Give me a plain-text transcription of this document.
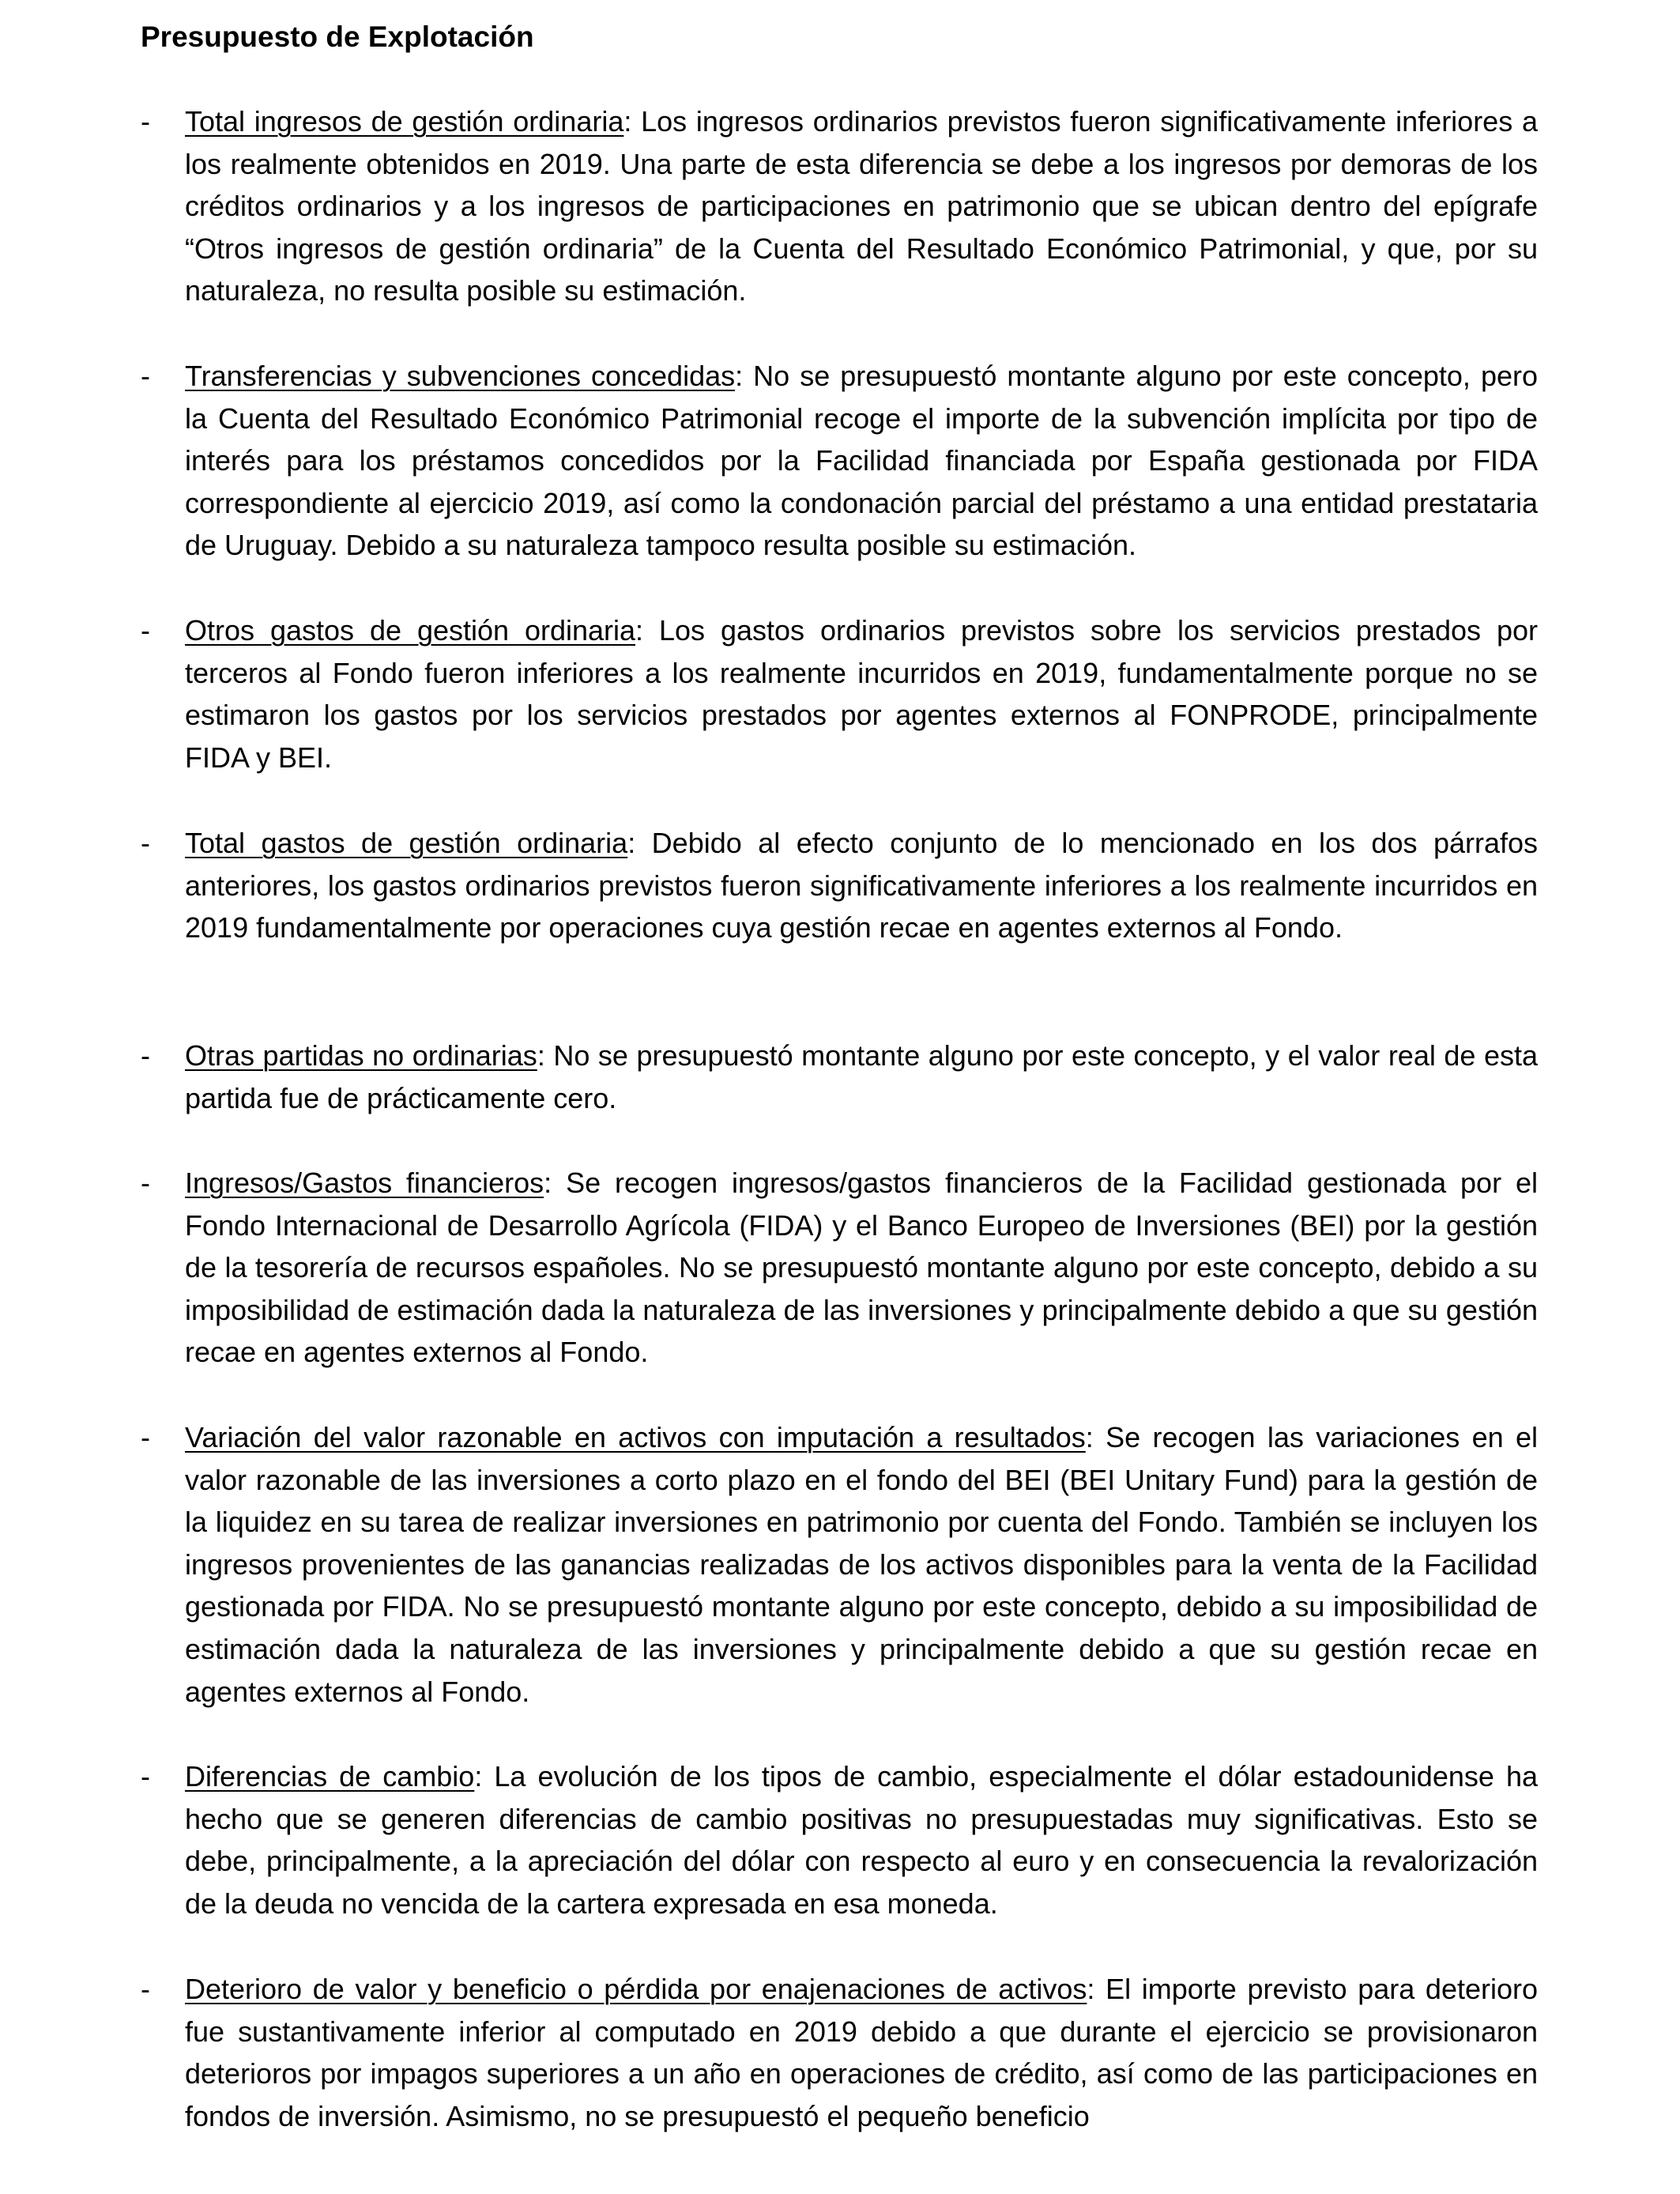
Presupuesto de Explotación
- Total ingresos de gestión ordinaria: Los ingresos ordinarios previstos fueron significativamente inferiores a los realmente obtenidos en 2019. Una parte de esta diferencia se debe a los ingresos por demoras de los créditos ordinarios y a los ingresos de participaciones en patrimonio que se ubican dentro del epígrafe “Otros ingresos de gestión ordinaria” de la Cuenta del Resultado Económico Patrimonial, y que, por su naturaleza, no resulta posible su estimación.
- Transferencias y subvenciones concedidas: No se presupuestó montante alguno por este concepto, pero la Cuenta del Resultado Económico Patrimonial recoge el importe de la subvención implícita por tipo de interés para los préstamos concedidos por la Facilidad financiada por España gestionada por FIDA correspondiente al ejercicio 2019, así como la condonación parcial del préstamo a una entidad prestataria de Uruguay. Debido a su naturaleza tampoco resulta posible su estimación.
- Otros gastos de gestión ordinaria: Los gastos ordinarios previstos sobre los servicios prestados por terceros al Fondo fueron inferiores a los realmente incurridos en 2019, fundamentalmente porque no se estimaron los gastos por los servicios prestados por agentes externos al FONPRODE, principalmente FIDA y BEI.
- Total gastos de gestión ordinaria: Debido al efecto conjunto de lo mencionado en los dos párrafos anteriores, los gastos ordinarios previstos fueron significativamente inferiores a los realmente incurridos en 2019 fundamentalmente por operaciones cuya gestión recae en agentes externos al Fondo.
- Otras partidas no ordinarias: No se presupuestó montante alguno por este concepto, y el valor real de esta partida fue de prácticamente cero.
- Ingresos/Gastos financieros: Se recogen ingresos/gastos financieros de la Facilidad gestionada por el Fondo Internacional de Desarrollo Agrícola (FIDA) y el Banco Europeo de Inversiones (BEI) por la gestión de la tesorería de recursos españoles. No se presupuestó montante alguno por este concepto, debido a su imposibilidad de estimación dada la naturaleza de las inversiones y principalmente debido a que su gestión recae en agentes externos al Fondo.
- Variación del valor razonable en activos con imputación a resultados: Se recogen las variaciones en el valor razonable de las inversiones a corto plazo en el fondo del BEI (BEI Unitary Fund) para la gestión de la liquidez en su tarea de realizar inversiones en patrimonio por cuenta del Fondo. También se incluyen los ingresos provenientes de las ganancias realizadas de los activos disponibles para la venta de la Facilidad gestionada por FIDA. No se presupuestó montante alguno por este concepto, debido a su imposibilidad de estimación dada la naturaleza de las inversiones y principalmente debido a que su gestión recae en agentes externos al Fondo.
- Diferencias de cambio: La evolución de los tipos de cambio, especialmente el dólar estadounidense ha hecho que se generen diferencias de cambio positivas no presupuestadas muy significativas. Esto se debe, principalmente, a la apreciación del dólar con respecto al euro y en consecuencia la revalorización de la deuda no vencida de la cartera expresada en esa moneda.
- Deterioro de valor y beneficio o pérdida por enajenaciones de activos: El importe previsto para deterioro fue sustantivamente inferior al computado en 2019 debido a que durante el ejercicio se provisionaron deterioros por impagos superiores a un año en operaciones de crédito, así como de las participaciones en fondos de inversión. Asimismo, no se presupuestó el pequeño beneficio
